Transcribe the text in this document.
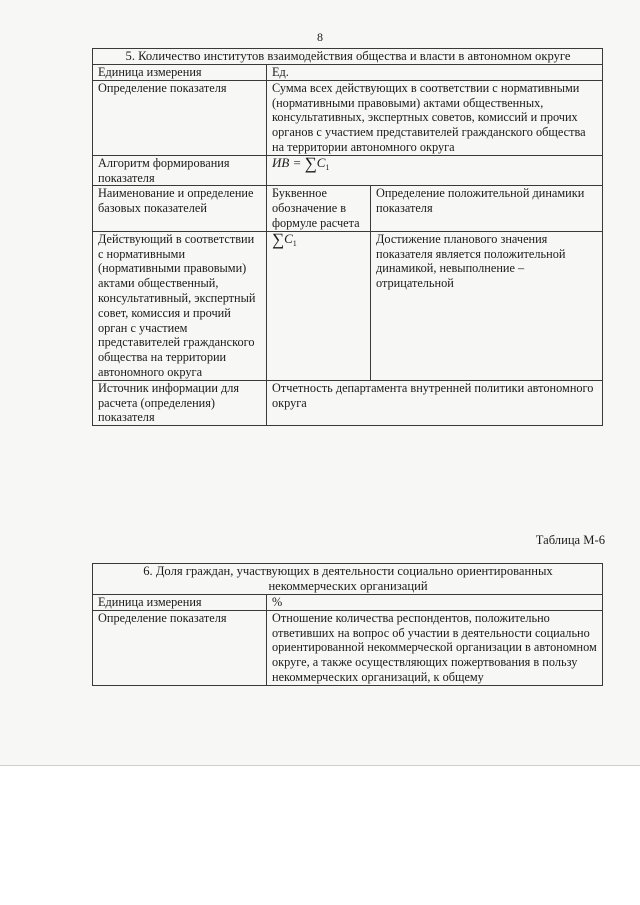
8
5. Количество институтов взаимодействия общества и власти в автономном округе		
Единица измерения	Ед.	
Определение показателя	Сумма всех действующих в соответствии с нормативными (нормативными правовыми) актами общественных, консультативных, экспертных советов, комиссий и прочих органов с участием представителей гражданского общества на территории автономного округа	
Алгоритм формирования показателя	ИВ = $\sum C_1$
Наименование и определение базовых показателей	Буквенное обозначение в формуле расчета	Определение положительной динамики показателя
Действующий в соответствии с нормативными (нормативными правовыми) актами общественный, консультативный, экспертный совет, комиссия и прочий орган с участием представителей гражданского общества на территории автономного округа	$\sum C_1$	Достижение планового значения показателя является положительной динамикой, невыполнение – отрицательной
Источник информации для расчета (определения) показателя	Отчетность департамента внутренней политики автономного округа	
Таблица М-6
6. Доля граждан, участвующих в деятельности социально ориентированных некоммерческих организаций	
Единица измерения	%
Определение показателя	Отношение количества респондентов, положительно ответивших на вопрос об участии в деятельности социально ориентированной некоммерческой организации в автономном округе, а также осуществляющих пожертвования в пользу некоммерческих организаций, к общему
